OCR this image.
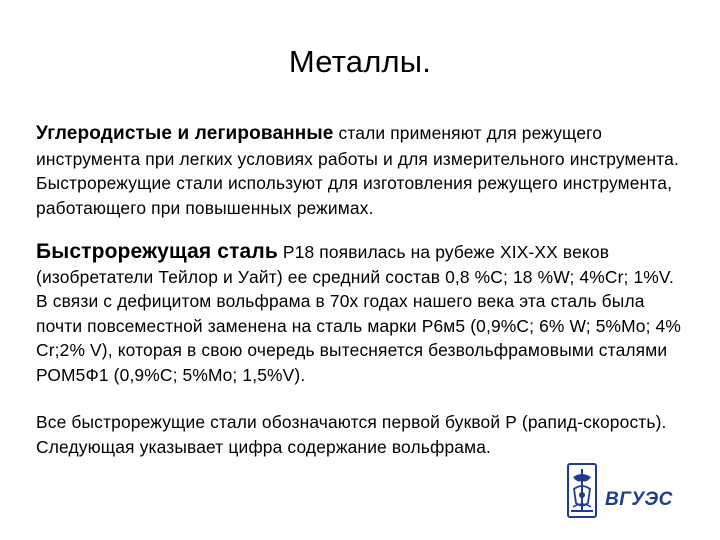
Металлы.
Углеродистые и легированные стали применяют для режущего инструмента при легких условиях работы и для измерительного инструмента. Быстрорежущие стали используют для изготовления режущего инструмента, работающего при повышенных режимах.
Быстрорежущая сталь Р18 появилась на рубеже XIX-XX веков (изобретатели Тейлор и Уайт) ее средний состав 0,8 %С; 18 %W; 4%Cr; 1%V. В связи с дефицитом вольфрама в 70х годах нашего века эта сталь была почти повсеместной заменена на сталь марки Р6м5 (0,9%С; 6% W; 5%Mo; 4% Cr;2% V), которая в свою очередь вытесняется безвольфрамовыми сталями РОМ5Ф1 (0,9%С; 5%Mo; 1,5%V).
Все быстрорежущие стали обозначаются первой буквой Р (рапид-скорость). Следующая указывает цифра содержание вольфрама.
ВГУЭС
